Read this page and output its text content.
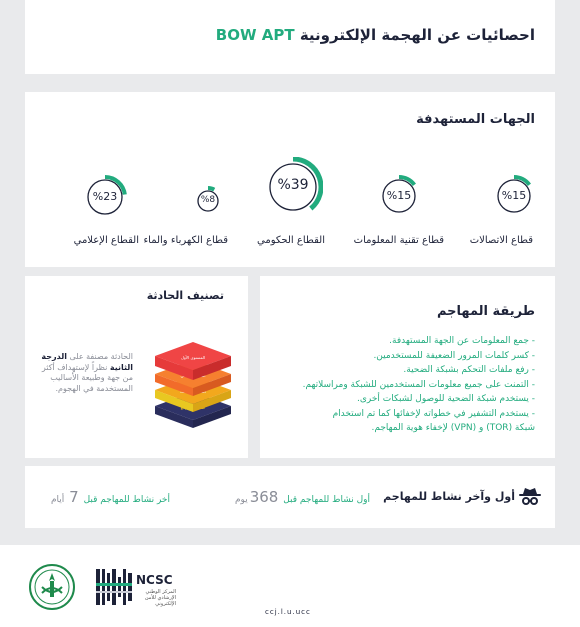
احصائيات عن الهجمة الإلكترونية BOW APT
الجهات المستهدفة
%15
قطاع الاتصالات
%15
قطاع تقنية المعلومات
%39
القطاع الحكومي
%8
قطاع الكهرباء والماء
%23
القطاع الإعلامي
طريقة المهاجم
- جمع المعلومات عن الجهة المستهدفة.
- كسر كلمات المرور الضعيفة للمستخدمين.
- رفع ملفات التحكم بشبكة الضحية.
- التمنت على جميع معلومات المستخدمين للشبكة ومراسلاتهم.
- يستخدم شبكة الضحية للوصول لشبكات أخرى.
- يستخدم التشفير في خطواته لإخفائها كما تم استخدام
شبكة (TOR) و (VPN) لإخفاء هوية المهاجم.
تصنيف الحادثة
الحادثة مصنفة على الدرجة الثانية نظراً لإستهداف أكثر من جهة وطبيعة الأساليب المستخدمة في الهجوم.
المستوى الأول
أول وآخر نشاط للمهاجم
أول نشاط للمهاجم قبل 368يوم
أخر نشاط للمهاجم قبل 7 أيام
NCSC
المركز الوطني الإرشادي للأمن الإلكتروني
ccj.l.u.ucc
